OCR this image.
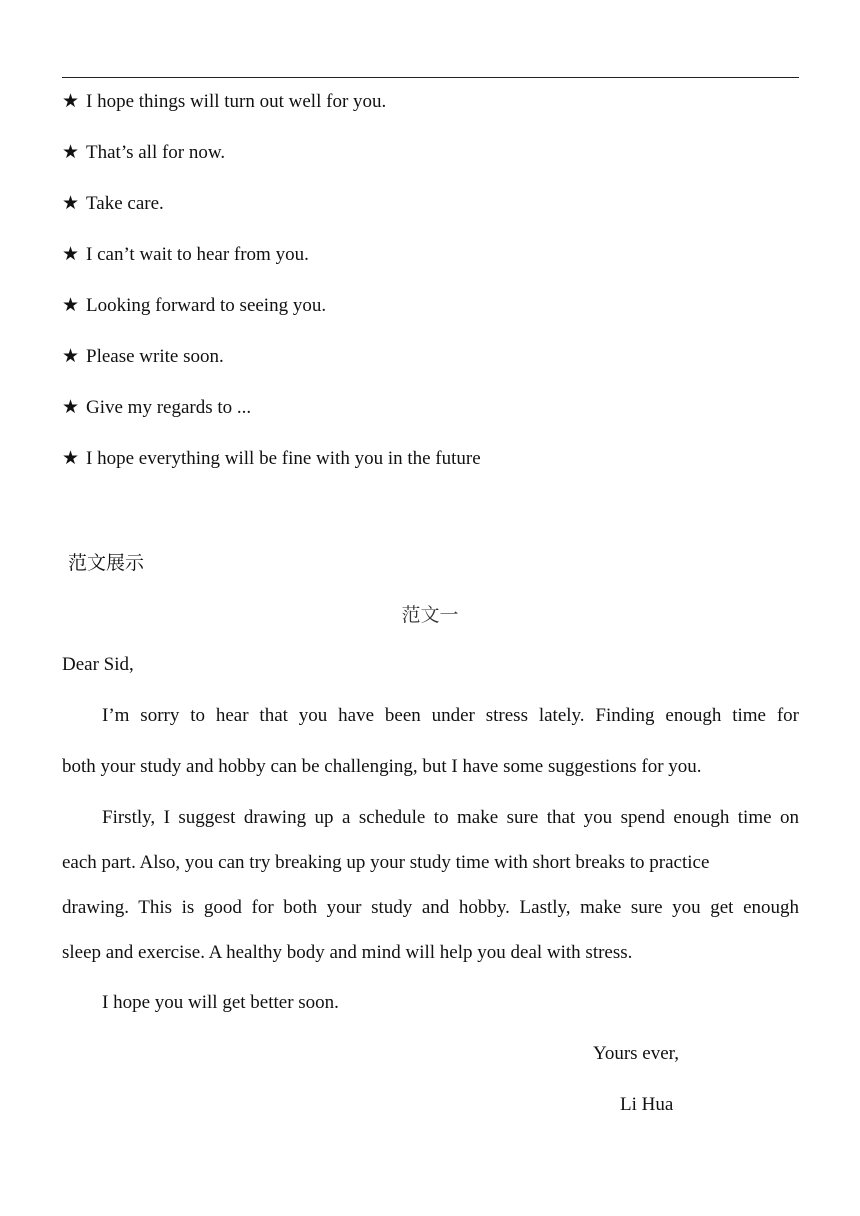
★ I hope things will turn out well for you.
★ That’s all for now.
★ Take care.
★ I can’t wait to hear from you.
★ Looking forward to seeing you.
★ Please write soon.
★ Give my regards to ...
★ I hope everything will be fine with you in the future
范文展示
范文一
Dear Sid,
I’m sorry to hear that you have been under stress lately. Finding enough time for
both your study and hobby can be challenging, but I have some suggestions for you.
Firstly, I suggest drawing up a schedule to make sure that you spend enough time on
each part. Also, you can try breaking up your study time with short breaks to practice
drawing. This is good for both your study and hobby. Lastly, make sure you get enough
sleep and exercise. A healthy body and mind will help you deal with stress.
I hope you will get better soon.
Yours ever,
Li Hua
